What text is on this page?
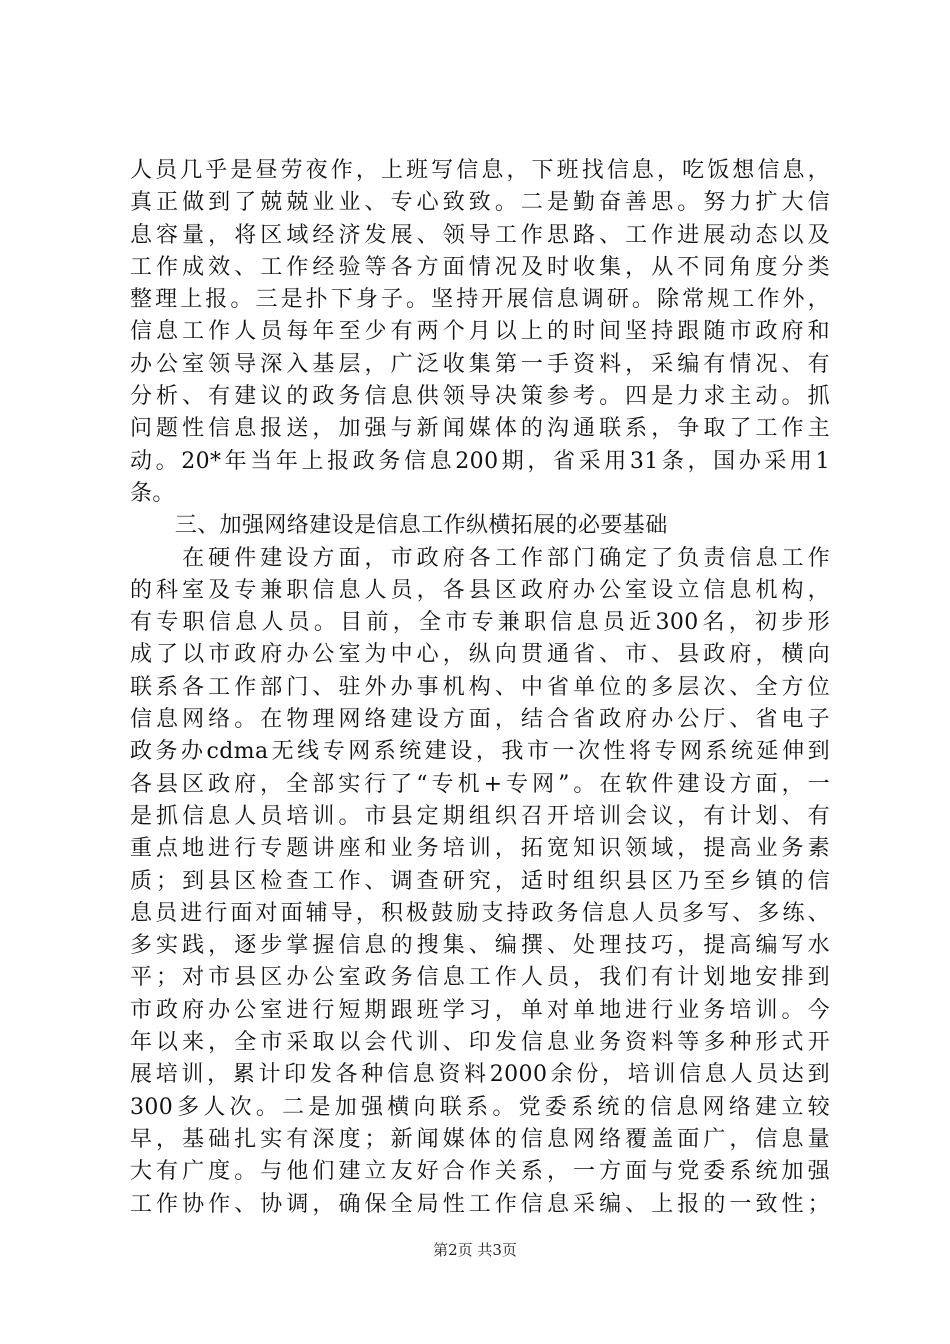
人员几乎是昼劳夜作，上班写信息，下班找信息，吃饭想信息，
真正做到了兢兢业业、专心致致。二是勤奋善思。努力扩大信
息容量，将区域经济发展、领导工作思路、工作进展动态以及
工作成效、工作经验等各方面情况及时收集，从不同角度分类
整理上报。三是扑下身子。坚持开展信息调研。除常规工作外，
信息工作人员每年至少有两个月以上的时间坚持跟随市政府和
办公室领导深入基层，广泛收集第一手资料，采编有情况、有
分析、有建议的政务信息供领导决策参考。四是力求主动。抓
问题性信息报送，加强与新闻媒体的沟通联系，争取了工作主
动。20*年当年上报政务信息200期，省采用31条，国办采用1
条。
　　三、加强网络建设是信息工作纵横拓展的必要基础
　　在硬件建设方面，市政府各工作部门确定了负责信息工作
的科室及专兼职信息人员，各县区政府办公室设立信息机构，
有专职信息人员。目前，全市专兼职信息员近300名，初步形
成了以市政府办公室为中心，纵向贯通省、市、县政府，横向
联系各工作部门、驻外办事机构、中省单位的多层次、全方位
信息网络。在物理网络建设方面，结合省政府办公厅、省电子
政务办cdma无线专网系统建设，我市一次性将专网系统延伸到
各县区政府，全部实行了“专机+专网”。在软件建设方面，一
是抓信息人员培训。市县定期组织召开培训会议，有计划、有
重点地进行专题讲座和业务培训，拓宽知识领域，提高业务素
质；到县区检查工作、调查研究，适时组织县区乃至乡镇的信
息员进行面对面辅导，积极鼓励支持政务信息人员多写、多练、
多实践，逐步掌握信息的搜集、编撰、处理技巧，提高编写水
平；对市县区办公室政务信息工作人员，我们有计划地安排到
市政府办公室进行短期跟班学习，单对单地进行业务培训。今
年以来，全市采取以会代训、印发信息业务资料等多种形式开
展培训，累计印发各种信息资料2000余份，培训信息人员达到
300多人次。二是加强横向联系。党委系统的信息网络建立较
早，基础扎实有深度；新闻媒体的信息网络覆盖面广，信息量
大有广度。与他们建立友好合作关系，一方面与党委系统加强
工作协作、协调，确保全局性工作信息采编、上报的一致性；
第2页 共3页
